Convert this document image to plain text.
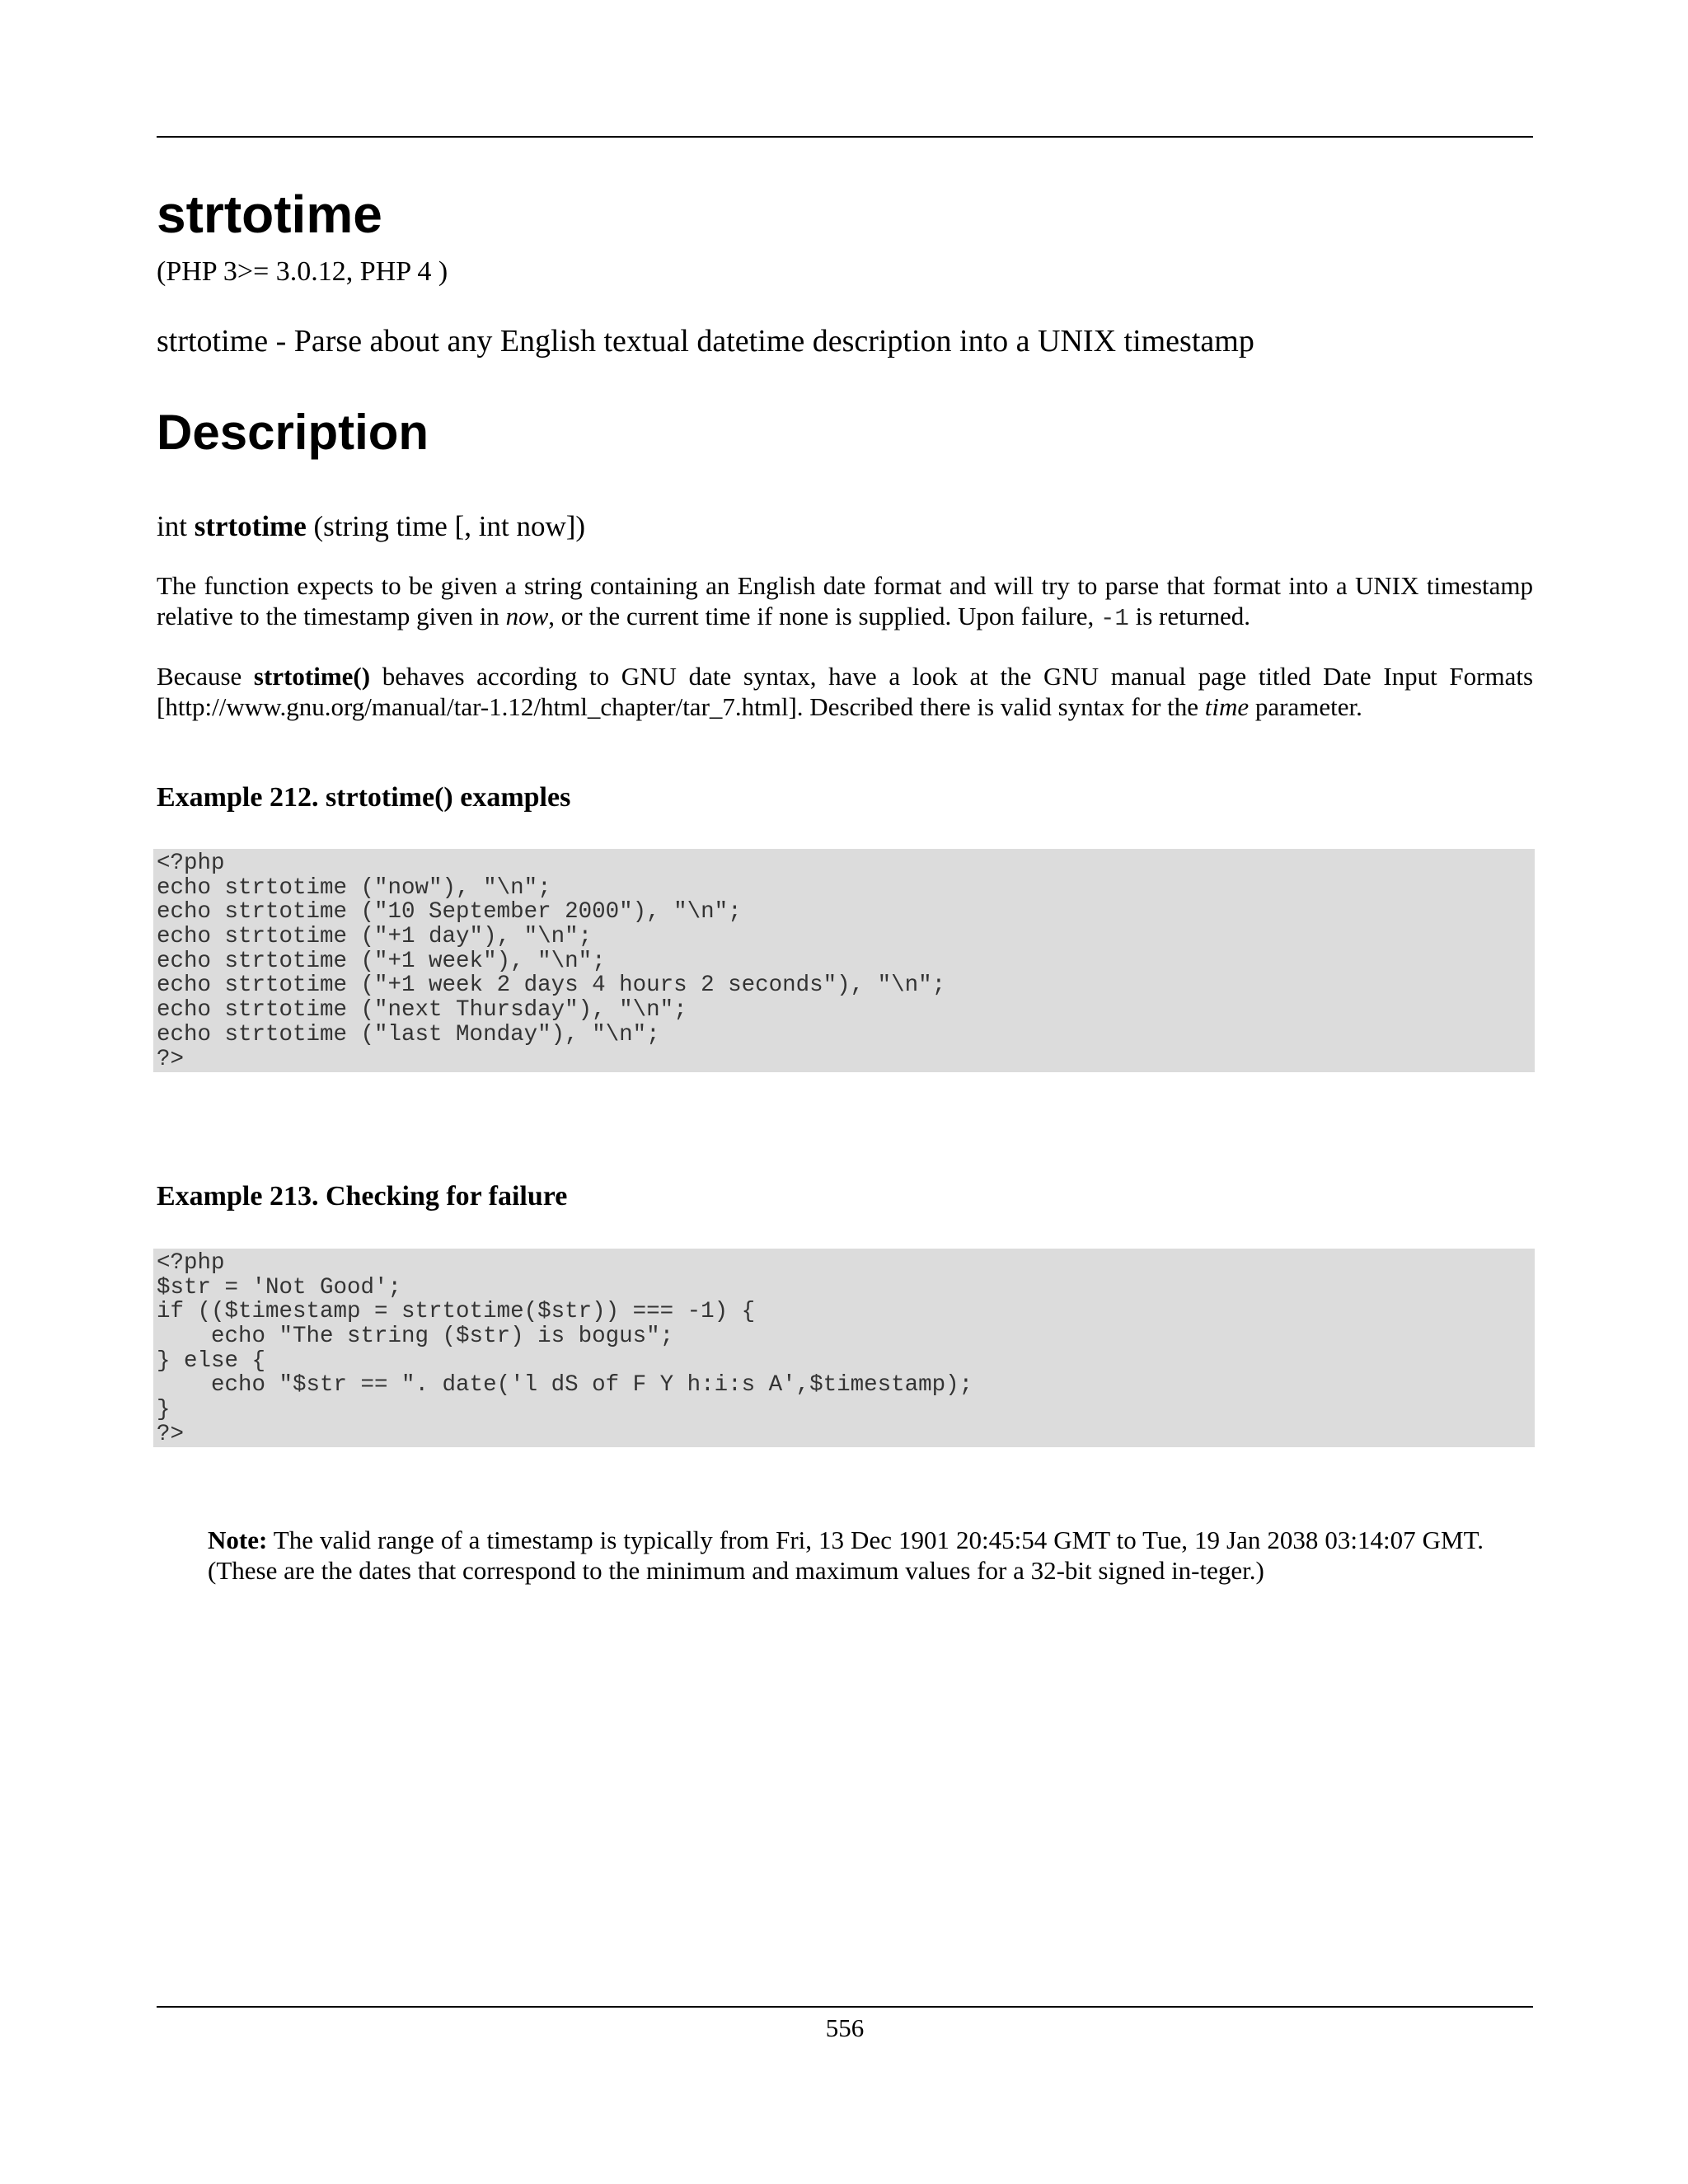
strtotime
(PHP 3>= 3.0.12, PHP 4 )
strtotime - Parse about any English textual datetime description into a UNIX timestamp
Description
int strtotime (string time [, int now])

The function expects to be given a string containing an English date format and will try to parse that format into a UNIX timestamp relative to the timestamp given in now, or the current time if none is supplied. Upon failure, -1 is returned.

Because strtotime() behaves according to GNU date syntax, have a look at the GNU manual page titled Date Input Formats [http://www.gnu.org/manual/tar-1.12/html_chapter/tar_7.html]. Described there is valid syntax for the time parameter.

Example 212. strtotime() examples
<?php
echo strtotime ("now"), "\n";
echo strtotime ("10 September 2000"), "\n";
echo strtotime ("+1 day"), "\n";
echo strtotime ("+1 week"), "\n";
echo strtotime ("+1 week 2 days 4 hours 2 seconds"), "\n";
echo strtotime ("next Thursday"), "\n";
echo strtotime ("last Monday"), "\n";
?>
Example 213. Checking for failure
<?php
$str = 'Not Good';
if (($timestamp = strtotime($str)) === -1) {
echo "The string ($str) is bogus";
} else {
echo "$str == ". date('l dS of F Y h:i:s A',$timestamp);
}
?>

Note: The valid range of a timestamp is typically from Fri, 13 Dec 1901 20:45:54 GMT to Tue, 19 Jan 2038 03:14:07 GMT. (These are the dates that correspond to the minimum and maximum values for a 32-bit signed in-teger.)

556
